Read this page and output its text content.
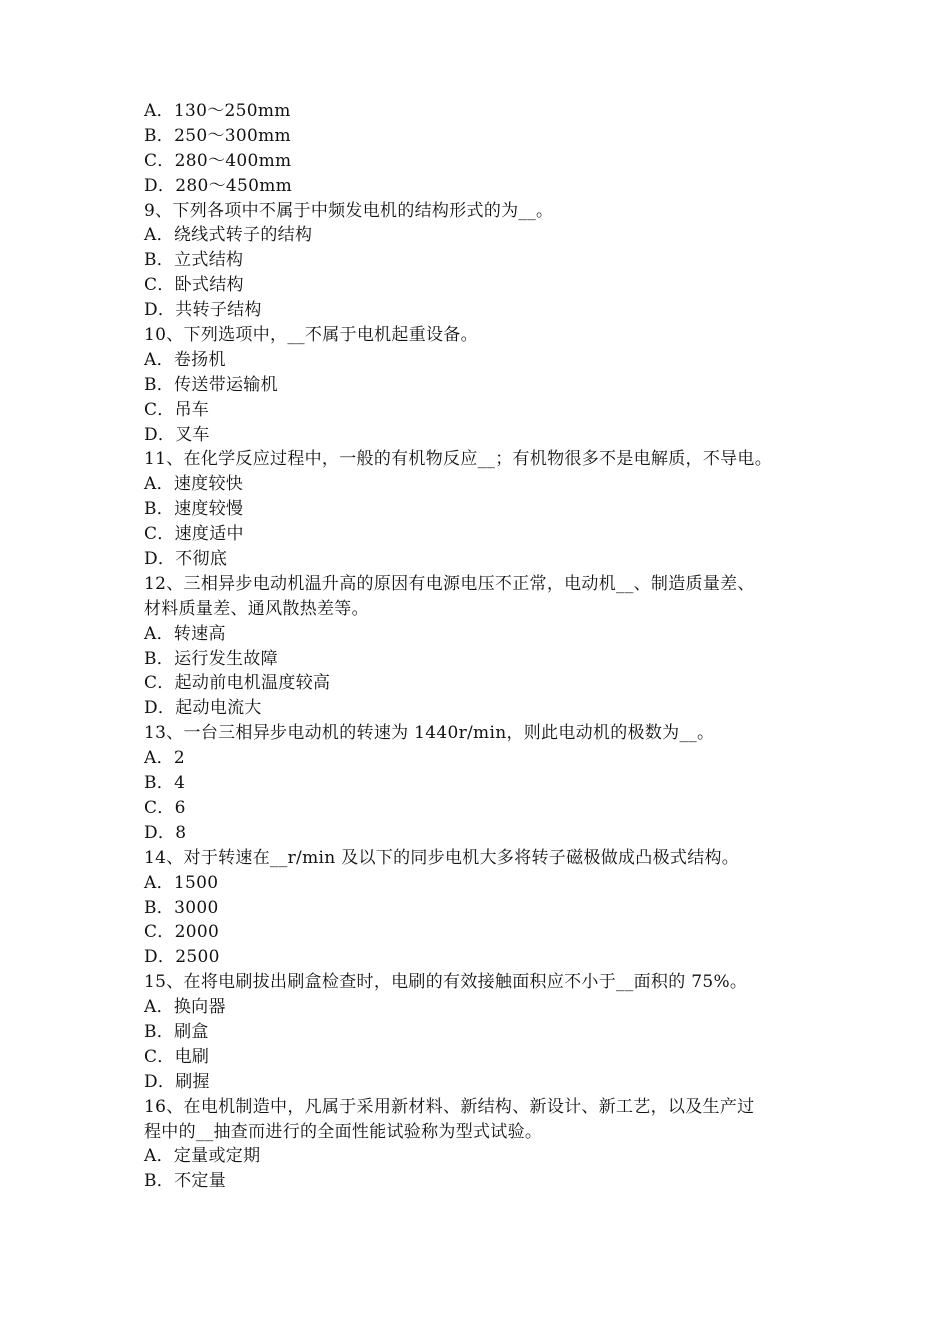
A．130～250mm
B．250～300mm
C．280～400mm
D．280～450mm
9、下列各项中不属于中频发电机的结构形式的为__。
A．绕线式转子的结构
B．立式结构
C．卧式结构
D．共转子结构
10、下列选项中，__不属于电机起重设备。
A．卷扬机
B．传送带运输机
C．吊车
D．叉车
11、在化学反应过程中，一般的有机物反应__；有机物很多不是电解质，不导电。
A．速度较快
B．速度较慢
C．速度适中
D．不彻底
12、三相异步电动机温升高的原因有电源电压不正常，电动机__、制造质量差、
材料质量差、通风散热差等。
A．转速高
B．运行发生故障
C．起动前电机温度较高
D．起动电流大
13、一台三相异步电动机的转速为 1440r/min，则此电动机的极数为__。
A．2
B．4
C．6
D．8
14、对于转速在__r/min 及以下的同步电机大多将转子磁极做成凸极式结构。
A．1500
B．3000
C．2000
D．2500
15、在将电刷拔出刷盒检查时，电刷的有效接触面积应不小于__面积的 75%。
A．换向器
B．刷盒
C．电刷
D．刷握
16、在电机制造中，凡属于采用新材料、新结构、新设计、新工艺，以及生产过
程中的__抽查而进行的全面性能试验称为型式试验。
A．定量或定期
B．不定量
